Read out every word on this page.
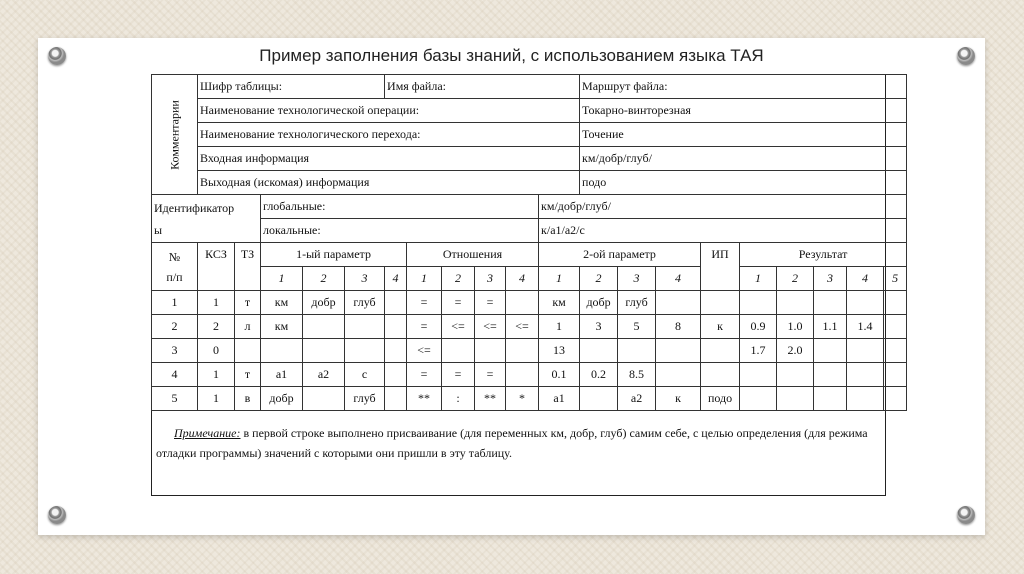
Пример заполнения базы знаний, с использованием языка ТАЯ
Комментарии	Шифр таблицы:					Имя файла:						Маршрут файла:								
	Наименование технологической операции:											Токарно-винторезная								
	Наименование технологического перехода:											Точение								
	Входная информация											км/добр/глуб/								
	Выходная (искомая) информация											подо								

Идентификатор
ы			глобальные:								км/добр/глуб/									
			локальные:								к/а1/а2/с									

№
п/п	КСЗ	ТЗ	1-ый параметр				Отношения				2-ой параметр				ИП	Результат				
			1	2	3	4	1	2	3	4	1	2	3	4		1	2	3	4	5
1	1	т	км	добр	глуб		=	=	=		км	добр	глуб							
2	2	л	км				=	<=	<=	<=	1	3	5	8	к	0.9	1.0	1.1	1.4	
3	0						<=				13					1.7	2.0			
4	1	т	а1	а2	с		=	=	=		0.1	0.2	8.5							
5	1	в	добр		глуб		**	:	**	*	а1		а2	к	подо					
Примечание: в первой строке выполнено присваивание (для переменных км, добр, глуб) самим себе, с целью определения (для режима отладки программы) значений с которыми они пришли в эту таблицу.
